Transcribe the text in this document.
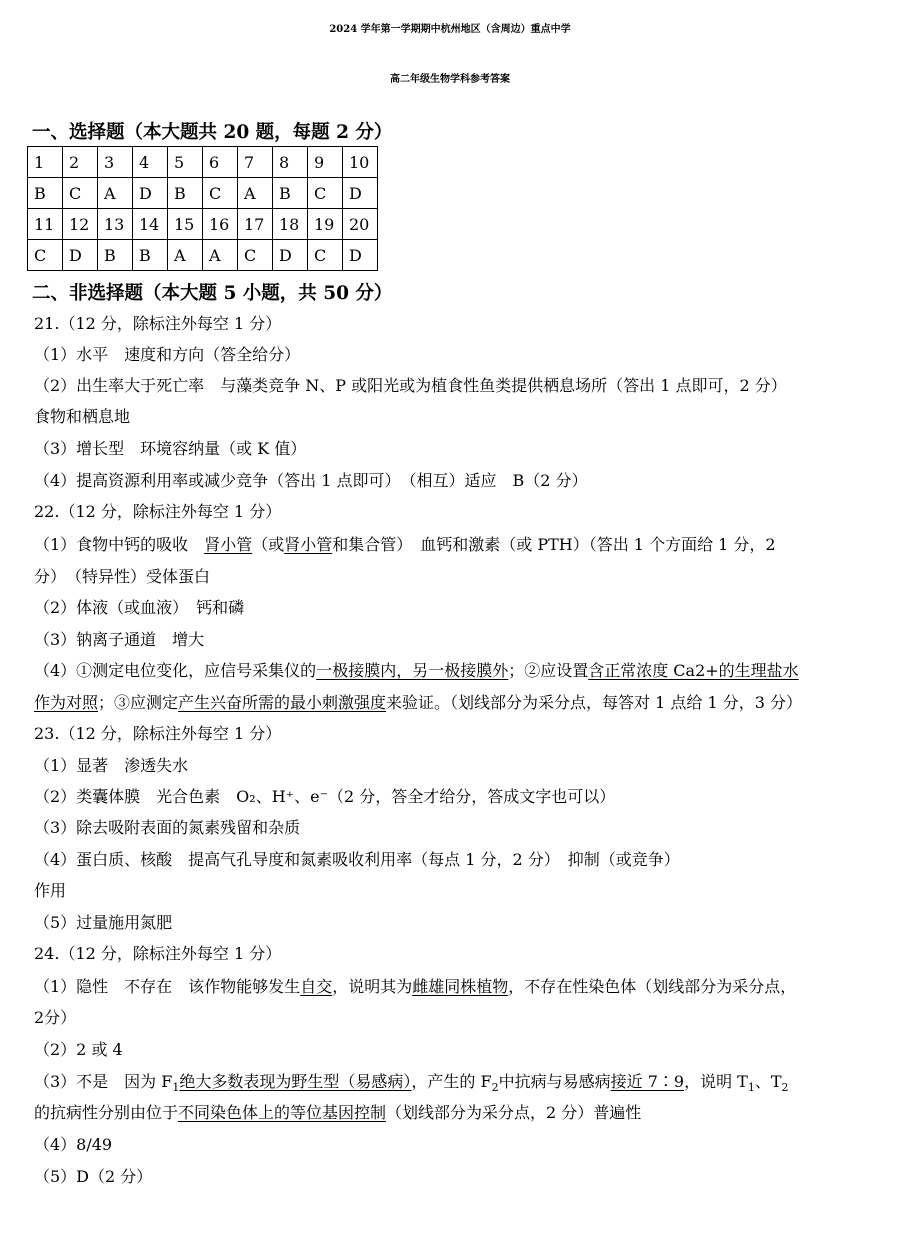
2024 学年第一学期期中杭州地区（含周边）重点中学
高二年级生物学科参考答案
一、选择题（本大题共 20 题，每题 2 分）
1	2	3	4	5	6	7	8	9	10
B	C	A	D	B	C	A	B	C	D
11	12	13	14	15	16	17	18	19	20
C	D	B	B	A	A	C	D	C	D
二、非选择题（本大题 5 小题，共 50 分）
21.（12 分，除标注外每空 1 分）
（1）水平　速度和方向（答全给分）
（2）出生率大于死亡率　与藻类竞争 N、P 或阳光或为植食性鱼类提供栖息场所（答出 1 点即可，2 分）
食物和栖息地
（3）增长型　环境容纳量（或 K 值）
（4）提高资源利用率或减少竞争（答出 1 点即可）　（相互）适应　B（2 分）
22.（12 分，除标注外每空 1 分）
（1）食物中钙的吸收　肾小管（或肾小管和集合管）　血钙和激素（或 PTH）（答出 1 个方面给 1 分，2
分）　（特异性）受体蛋白
（2）体液（或血液）　钙和磷
（3）钠离子通道　增大
（4）①测定电位变化，应信号采集仪的一极接膜内，另一极接膜外；②应设置含正常浓度 Ca2+的生理盐水
作为对照；③应测定产生兴奋所需的最小刺激强度来验证。（划线部分为采分点，每答对 1 点给 1 分，3 分）
23.（12 分，除标注外每空 1 分）
（1）显著　渗透失水
（2）类囊体膜　光合色素　O₂、H⁺、e⁻（2 分，答全才给分，答成文字也可以）
（3）除去吸附表面的氮素残留和杂质
（4）蛋白质、核酸　提高气孔导度和氮素吸收利用率（每点 1 分，2 分）　抑制（或竞争）
作用
（5）过量施用氮肥
24.（12 分，除标注外每空 1 分）
（1）隐性　不存在　该作物能够发生自交，说明其为雌雄同株植物，不存在性染色体（划线部分为采分点，
2分）
（2）2 或 4
（3）不是　因为 $F_1$绝大多数表现为野生型（易感病），产生的 $F_2$中抗病与易感病接近 7∶9，说明 $T_1$、$T_2$
的抗病性分别由位于不同染色体上的等位基因控制（划线部分为采分点，2 分）普遍性
（4）8/49
（5）D（2 分）
